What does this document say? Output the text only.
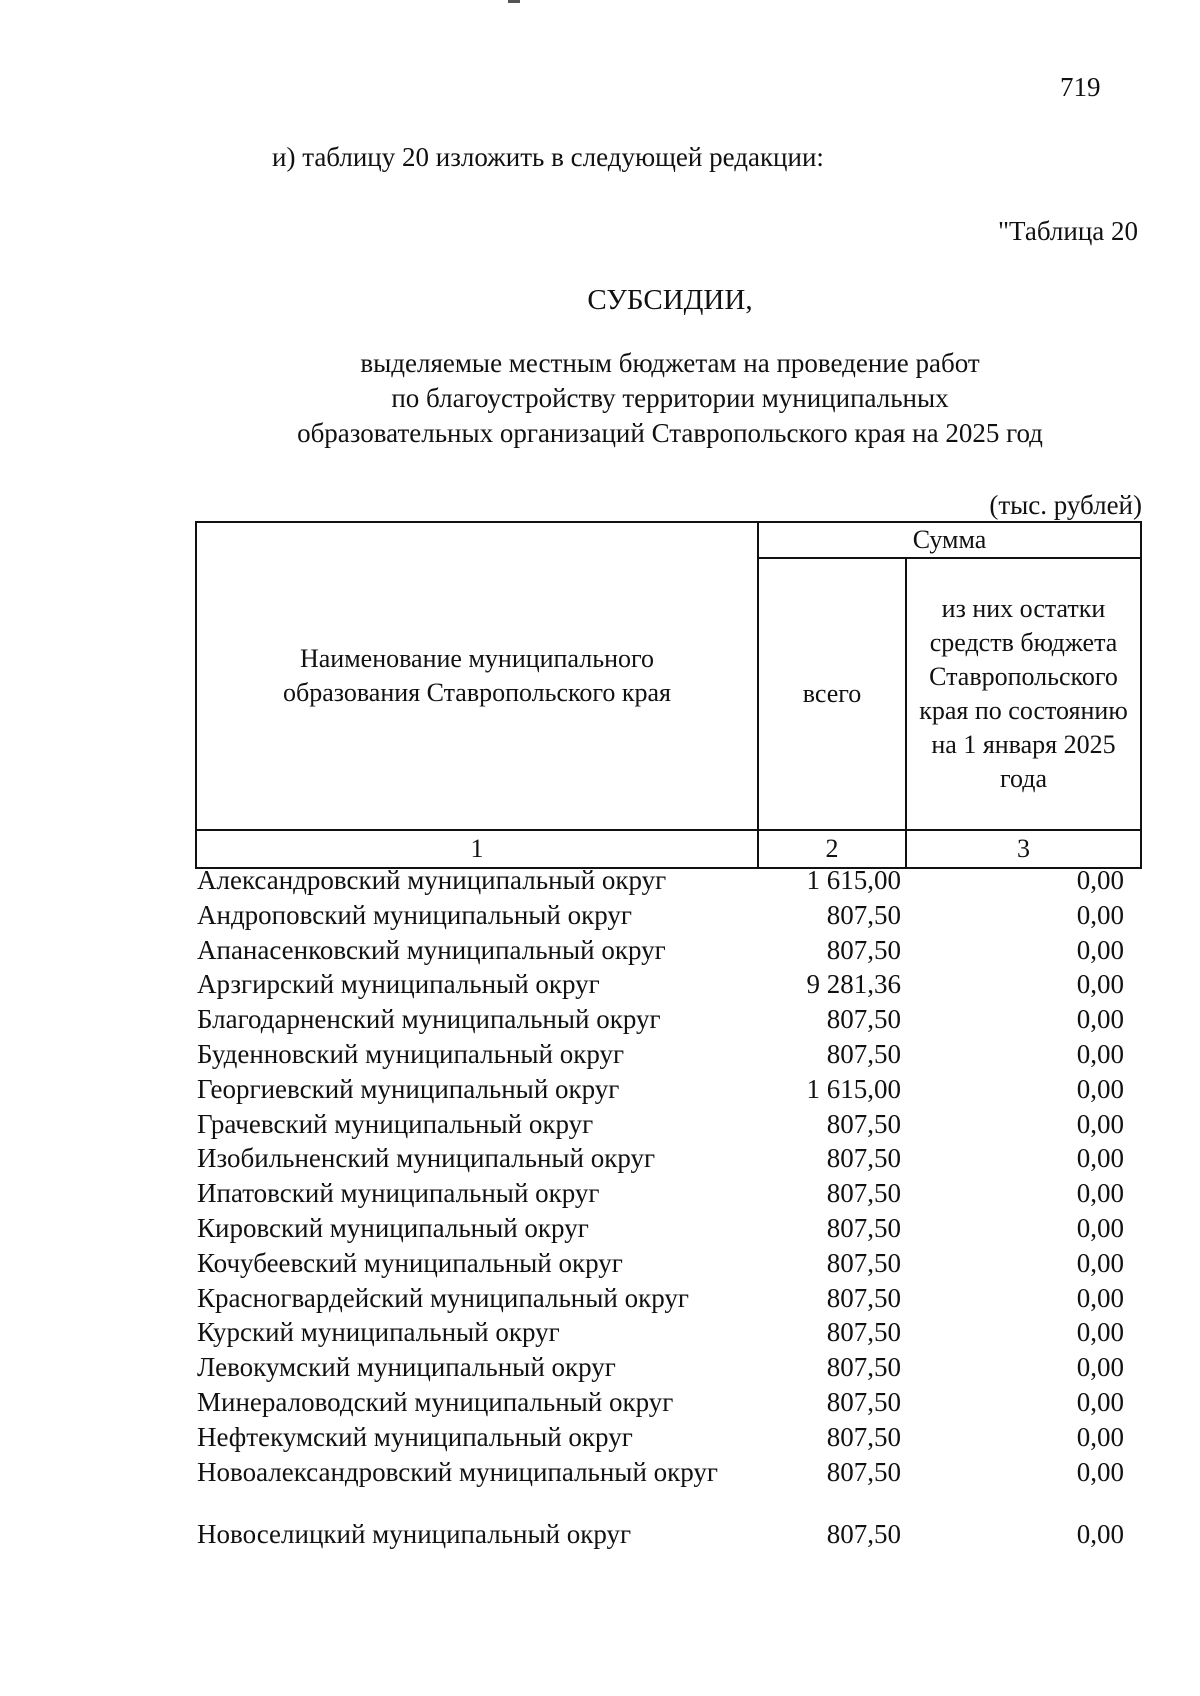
719
и) таблицу 20 изложить в следующей редакции:
"Таблица 20
СУБСИДИИ,
выделяемые местным бюджетам на проведение работ
по благоустройству территории муниципальных
образовательных организаций Ставропольского края на 2025 год
(тыс. рублей)
Наименование муниципального образования Ставропольского края	Сумма	
	всего	из них остатки средств бюджета Ставропольского края по состоянию на 1 января 2025 года

1	2	3
Александровский муниципальный округ	1 615,00	0,00
Андроповский муниципальный округ	807,50	0,00
Апанасенковский муниципальный округ	807,50	0,00
Арзгирский муниципальный округ	9 281,36	0,00
Благодарненский муниципальный округ	807,50	0,00
Буденновский муниципальный округ	807,50	0,00
Георгиевский муниципальный округ	1 615,00	0,00
Грачевский муниципальный округ	807,50	0,00
Изобильненский муниципальный округ	807,50	0,00
Ипатовский муниципальный округ	807,50	0,00
Кировский муниципальный округ	807,50	0,00
Кочубеевский муниципальный округ	807,50	0,00
Красногвардейский муниципальный округ	807,50	0,00
Курский муниципальный округ	807,50	0,00
Левокумский муниципальный округ	807,50	0,00
Минераловодский муниципальный округ	807,50	0,00
Нефтекумский муниципальный округ	807,50	0,00
Новоалександровский муниципальный округ	807,50	0,00
Новоселицкий муниципальный округ	807,50	0,00
